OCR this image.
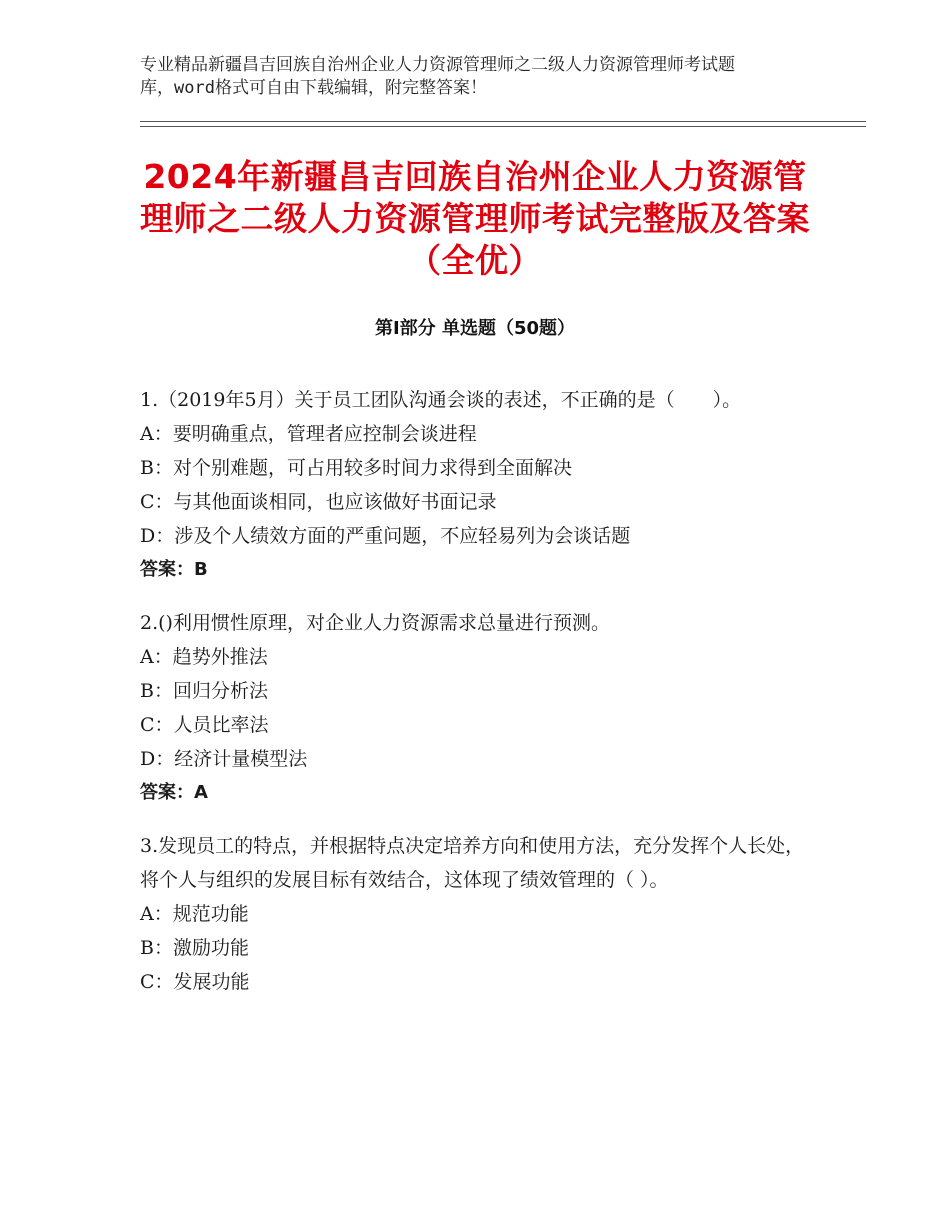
专业精品新疆昌吉回族自治州企业人力资源管理师之二级人力资源管理师考试题
库，word格式可自由下载编辑，附完整答案！
2024年新疆昌吉回族自治州企业人力资源管理师之二级人力资源管理师考试完整版及答案（全优）
第Ⅰ部分 单选题（50题）

1.（2019年5月）关于员工团队沟通会谈的表述，不正确的是（　　）。

A：要明确重点，管理者应控制会谈进程

B：对个别难题，可占用较多时间力求得到全面解决

C：与其他面谈相同，也应该做好书面记录

D：涉及个人绩效方面的严重问题，不应轻易列为会谈话题

答案：B

2.()利用惯性原理，对企业人力资源需求总量进行预测。

A：趋势外推法

B：回归分析法

C：人员比率法

D：经济计量模型法

答案：A

3.发现员工的特点，并根据特点决定培养方向和使用方法，充分发挥个人长处，将个人与组织的发展目标有效结合，这体现了绩效管理的（ ）。

A：规范功能

B：激励功能

C：发展功能
